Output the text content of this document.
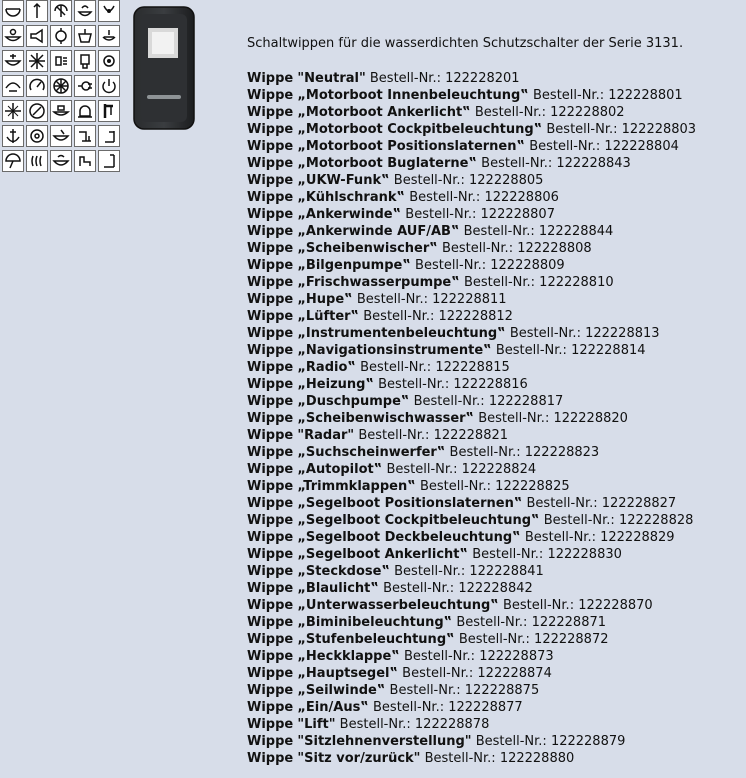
Schaltwippen für die wasserdichten Schutzschalter der Serie 3131.
Wippe "Neutral" Bestell-Nr.: 122228201
Wippe „Motorboot Innenbeleuchtung‟ Bestell-Nr.: 122228801
Wippe „Motorboot Ankerlicht‟ Bestell-Nr.: 122228802
Wippe „Motorboot Cockpitbeleuchtung‟ Bestell-Nr.: 122228803
Wippe „Motorboot Positionslaternen‟ Bestell-Nr.: 122228804
Wippe „Motorboot Buglaterne‟ Bestell-Nr.: 122228843
Wippe „UKW-Funk‟ Bestell-Nr.: 122228805
Wippe „Kühlschrank‟ Bestell-Nr.: 122228806
Wippe „Ankerwinde‟ Bestell-Nr.: 122228807
Wippe „Ankerwinde AUF/AB‟ Bestell-Nr.: 122228844
Wippe „Scheibenwischer‟ Bestell-Nr.: 122228808
Wippe „Bilgenpumpe‟ Bestell-Nr.: 122228809
Wippe „Frischwasserpumpe‟ Bestell-Nr.: 122228810
Wippe „Hupe‟ Bestell-Nr.: 122228811
Wippe „Lüfter‟ Bestell-Nr.: 122228812
Wippe „Instrumentenbeleuchtung‟ Bestell-Nr.: 122228813
Wippe „Navigationsinstrumente‟ Bestell-Nr.: 122228814
Wippe „Radio‟ Bestell-Nr.: 122228815
Wippe „Heizung‟ Bestell-Nr.: 122228816
Wippe „Duschpumpe‟ Bestell-Nr.: 122228817
Wippe „Scheibenwischwasser‟ Bestell-Nr.: 122228820
Wippe "Radar" Bestell-Nr.: 122228821
Wippe „Suchscheinwerfer‟ Bestell-Nr.: 122228823
Wippe „Autopilot‟ Bestell-Nr.: 122228824
Wippe „Trimmklappen‟ Bestell-Nr.: 122228825
Wippe „Segelboot Positionslaternen‟ Bestell-Nr.: 122228827
Wippe „Segelboot Cockpitbeleuchtung‟ Bestell-Nr.: 122228828
Wippe „Segelboot Deckbeleuchtung‟ Bestell-Nr.: 122228829
Wippe „Segelboot Ankerlicht‟ Bestell-Nr.: 122228830
Wippe „Steckdose‟ Bestell-Nr.: 122228841
Wippe „Blaulicht‟ Bestell-Nr.: 122228842
Wippe „Unterwasserbeleuchtung‟ Bestell-Nr.: 122228870
Wippe „Biminibeleuchtung‟ Bestell-Nr.: 122228871
Wippe „Stufenbeleuchtung‟ Bestell-Nr.: 122228872
Wippe „Heckklappe‟ Bestell-Nr.: 122228873
Wippe „Hauptsegel‟ Bestell-Nr.: 122228874
Wippe „Seilwinde‟ Bestell-Nr.: 122228875
Wippe „Ein/Aus‟ Bestell-Nr.: 122228877
Wippe "Lift" Bestell-Nr.: 122228878
Wippe "Sitzlehnenverstellung" Bestell-Nr.: 122228879
Wippe "Sitz vor/zurück" Bestell-Nr.: 122228880
